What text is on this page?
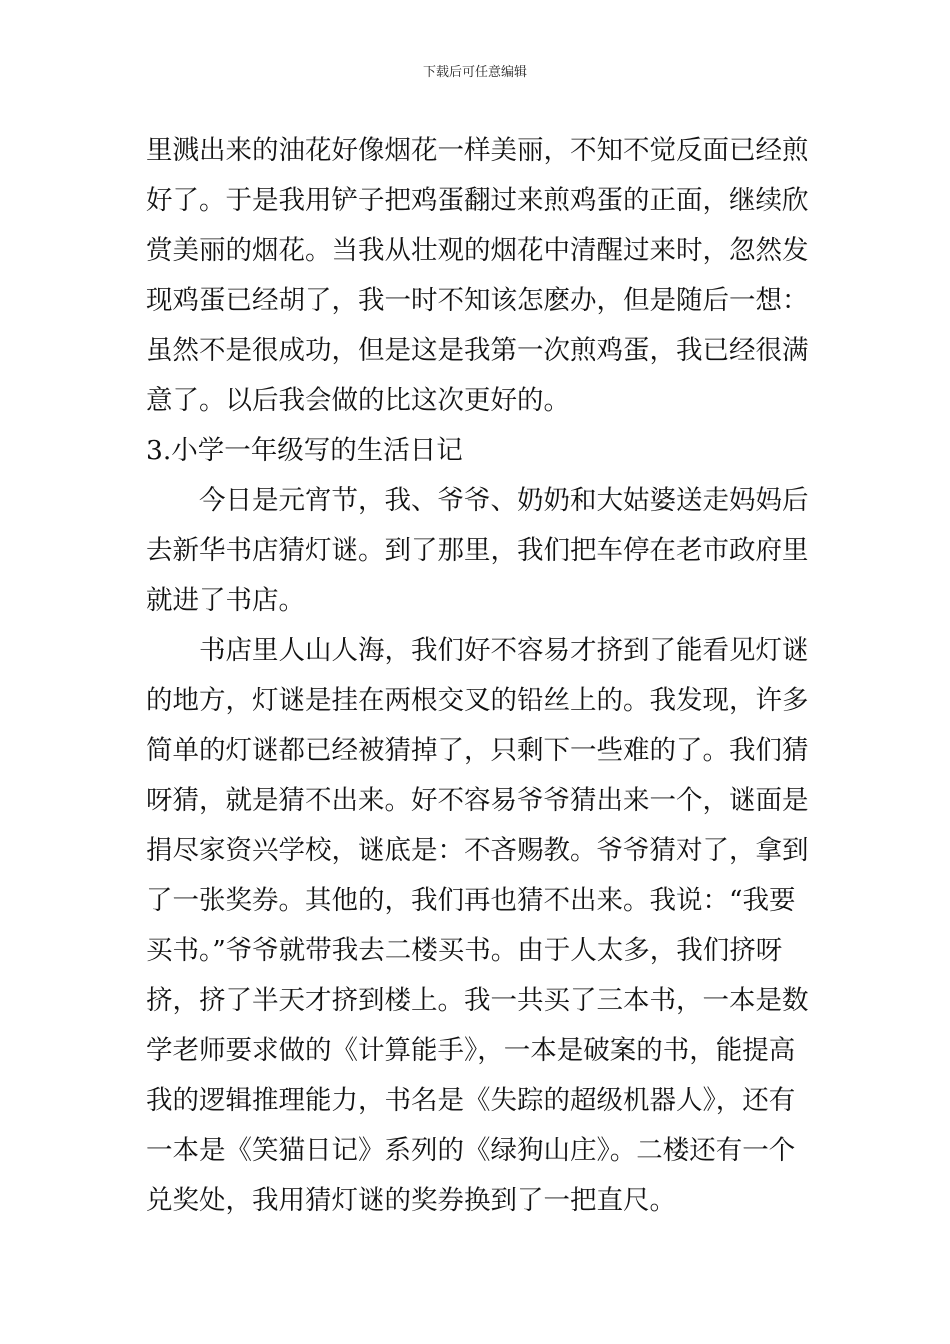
下载后可任意编辑
里溅出来的油花好像烟花一样美丽，不知不觉反面已经煎
好了。于是我用铲子把鸡蛋翻过来煎鸡蛋的正面，继续欣
赏美丽的烟花。当我从壮观的烟花中清醒过来时，忽然发
现鸡蛋已经胡了，我一时不知该怎麽办，但是随后一想：
虽然不是很成功，但是这是我第一次煎鸡蛋，我已经很满
意了。以后我会做的比这次更好的。
3.小学一年级写的生活日记
今日是元宵节，我、爷爷、奶奶和大姑婆送走妈妈后
去新华书店猜灯谜。到了那里，我们把车停在老市政府里
就进了书店。
书店里人山人海，我们好不容易才挤到了能看见灯谜
的地方，灯谜是挂在两根交叉的铅丝上的。我发现，许多
简单的灯谜都已经被猜掉了，只剩下一些难的了。我们猜
呀猜，就是猜不出来。好不容易爷爷猜出来一个，谜面是
捐尽家资兴学校，谜底是：不吝赐教。爷爷猜对了，拿到
了一张奖券。其他的，我们再也猜不出来。我说：“我要
买书。”爷爷就带我去二楼买书。由于人太多，我们挤呀
挤，挤了半天才挤到楼上。我一共买了三本书，一本是数
学老师要求做的《计算能手》，一本是破案的书，能提高
我的逻辑推理能力，书名是《失踪的超级机器人》，还有
一本是《笑猫日记》系列的《绿狗山庄》。二楼还有一个
兑奖处，我用猜灯谜的奖券换到了一把直尺。
